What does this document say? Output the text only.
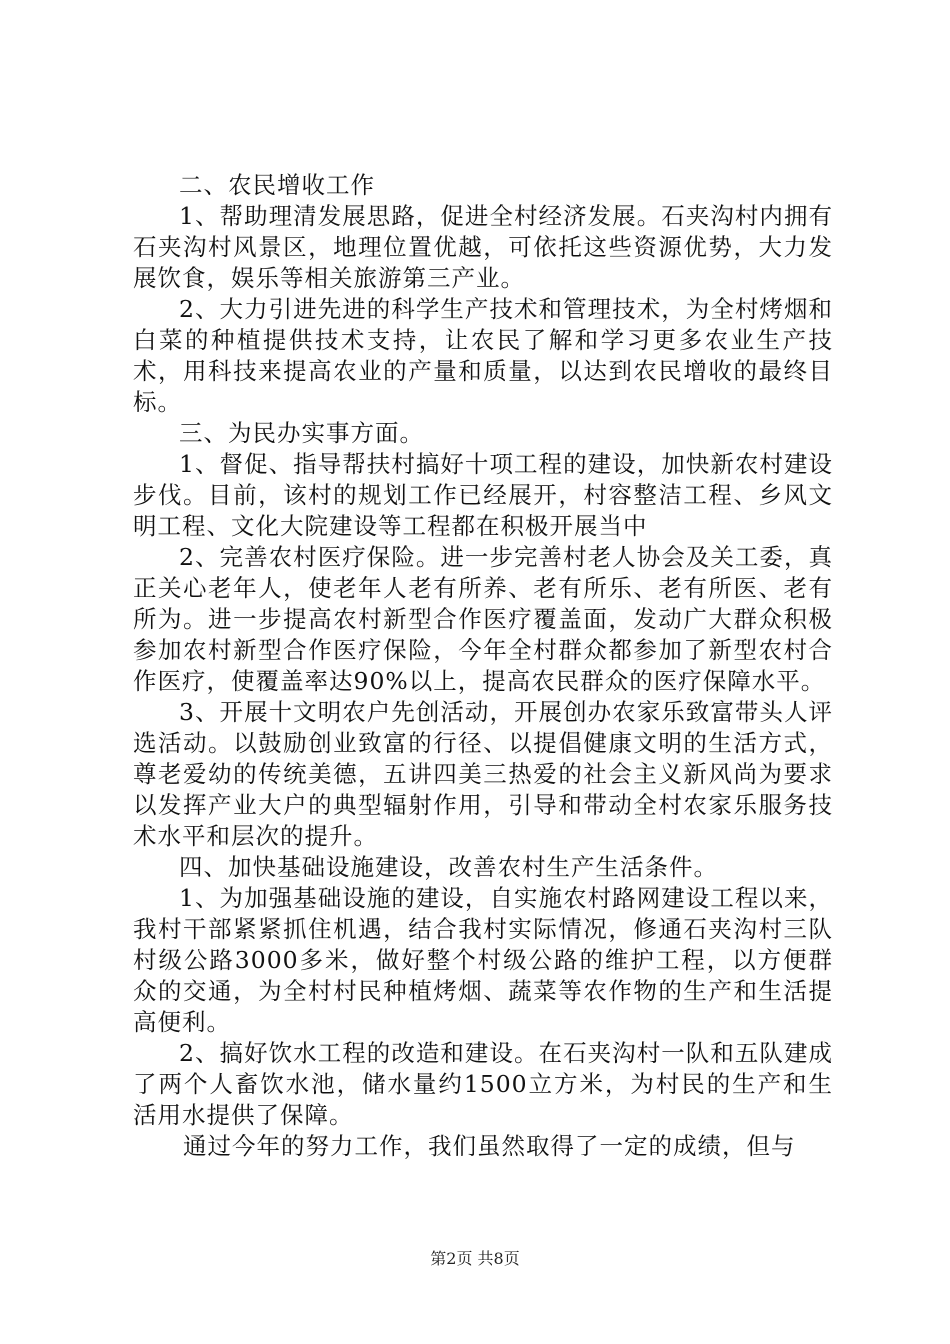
二、农民增收工作

1、帮助理清发展思路，促进全村经济发展。石夹沟村内拥有石夹沟村风景区，地理位置优越，可依托这些资源优势，大力发展饮食，娱乐等相关旅游第三产业。

2、大力引进先进的科学生产技术和管理技术，为全村烤烟和白菜的种植提供技术支持，让农民了解和学习更多农业生产技术，用科技来提高农业的产量和质量，以达到农民增收的最终目标。

三、为民办实事方面。

1、督促、指导帮扶村搞好十项工程的建设，加快新农村建设步伐。目前，该村的规划工作已经展开，村容整洁工程、乡风文明工程、文化大院建设等工程都在积极开展当中

2、完善农村医疗保险。进一步完善村老人协会及关工委，真正关心老年人，使老年人老有所养、老有所乐、老有所医、老有所为。进一步提高农村新型合作医疗覆盖面，发动广大群众积极参加农村新型合作医疗保险，今年全村群众都参加了新型农村合作医疗，使覆盖率达90%以上，提高农民群众的医疗保障水平。

3、开展十文明农户先创活动，开展创办农家乐致富带头人评选活动。以鼓励创业致富的行径、以提倡健康文明的生活方式，尊老爱幼的传统美德，五讲四美三热爱的社会主义新风尚为要求以发挥产业大户的典型辐射作用，引导和带动全村农家乐服务技术水平和层次的提升。

四、加快基础设施建设，改善农村生产生活条件。

1、为加强基础设施的建设，自实施农村路网建设工程以来，我村干部紧紧抓住机遇，结合我村实际情况，修通石夹沟村三队村级公路3000多米，做好整个村级公路的维护工程，以方便群众的交通，为全村村民种植烤烟、蔬菜等农作物的生产和生活提高便利。

2、搞好饮水工程的改造和建设。在石夹沟村一队和五队建成了两个人畜饮水池，储水量约1500立方米，为村民的生产和生活用水提供了保障。

通过今年的努力工作，我们虽然取得了一定的成绩，但与

第2页 共8页
